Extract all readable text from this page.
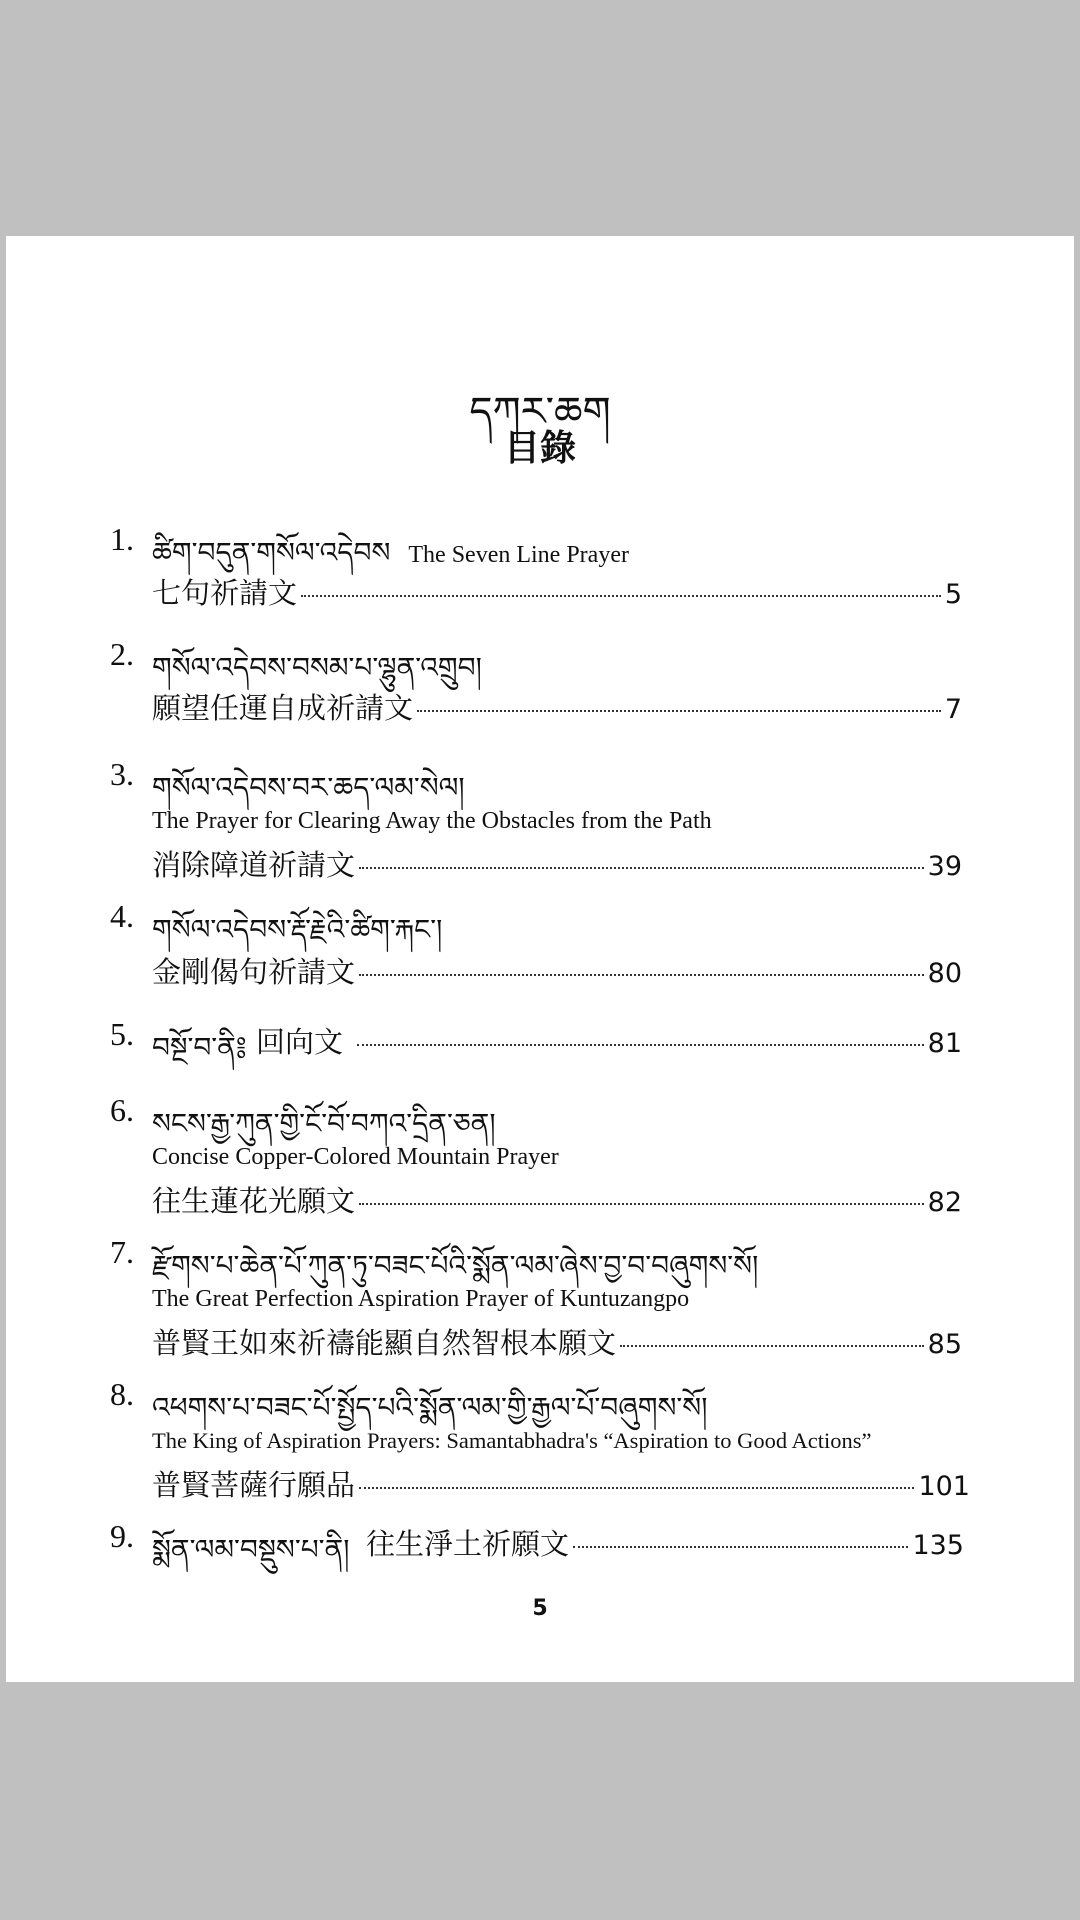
དཀར་ཆག
目錄
1. ཚིག་བདུན་གསོལ་འདེབས The Seven Line Prayer
七句祈請文	5
2. གསོལ་འདེབས་བསམ་པ་ལྷུན་འགྲུབ།
願望任運自成祈請文	7
3. གསོལ་འདེབས་བར་ཆད་ལམ་སེལ།
The Prayer for Clearing Away the Obstacles from the Path
消除障道祈請文	39
4. གསོལ་འདེབས་རྡོ་རྗེའི་ཚིག་རྐང་།
金剛偈句祈請文	80
5. བསྔོ་བ་ནི༔ 回向文	81
6. སངས་རྒྱ་ཀུན་གྱི་ངོ་བོ་བཀའ་དྲིན་ཅན།
Concise Copper-Colored Mountain Prayer
往生蓮花光願文	82
7. རྫོགས་པ་ཆེན་པོ་ཀུན་ཏུ་བཟང་པོའི་སྨོན་ལམ་ཞེས་བྱ་བ་བཞུགས་སོ།
The Great Perfection Aspiration Prayer of Kuntuzangpo
普賢王如來祈禱能顯自然智根本願文	85
8. འཕགས་པ་བཟང་པོ་སྤྱོད་པའི་སྨོན་ལམ་གྱི་རྒྱལ་པོ་བཞུགས་སོ།
The King of Aspiration Prayers: Samantabhadra's “Aspiration to Good Actions”
普賢菩薩行願品	101
9. སྨོན་ལམ་བསྡུས་པ་ནི། 往生淨土祈願文	135
5
